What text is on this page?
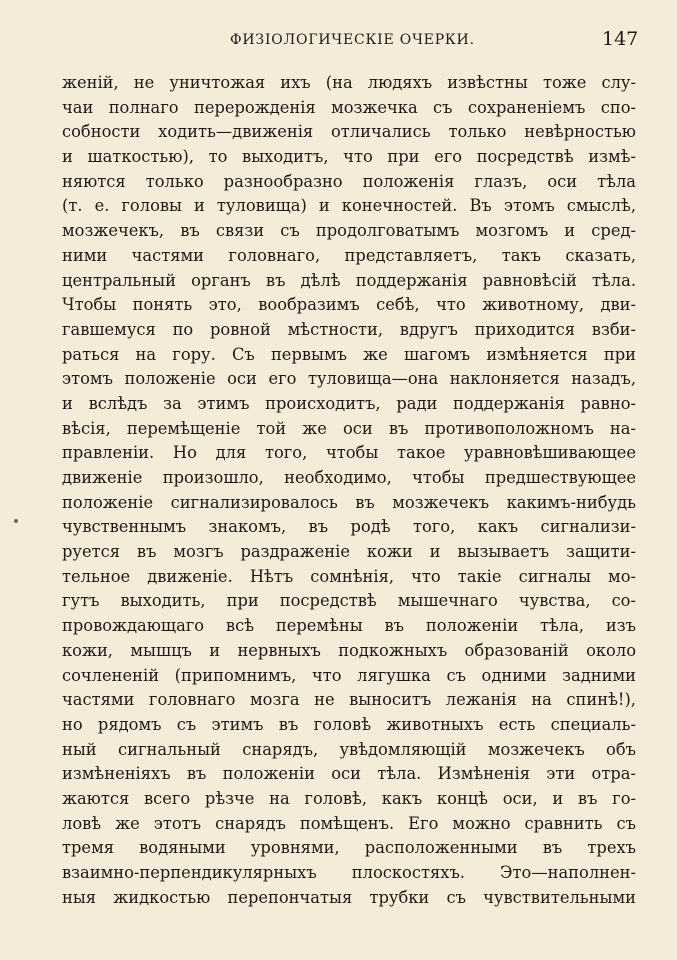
ФИЗІОЛОГИЧЕСКІЕ ОЧЕРКИ.	147
женій, не уничтожая ихъ (на людяхъ извѣстны тоже слу-
чаи полнаго перерожденія мозжечка съ сохраненіемъ спо-
собности ходить—движенія отличались только невѣрностью
и шаткостью), то выходитъ, что при его посредствѣ измѣ-
няются только разнообразно положенія глазъ, оси тѣла
(т. е. головы и туловища) и конечностей. Въ этомъ смыслѣ,
мозжечекъ, въ связи съ продолговатымъ мозгомъ и сред-
ними частями головнаго, представляетъ, такъ сказать,
центральный органъ въ дѣлѣ поддержанія равновѣсій тѣла.
Чтобы понять это, вообразимъ себѣ, что животному, дви-
гавшемуся по ровной мѣстности, вдругъ приходится взби-
раться на гору. Съ первымъ же шагомъ измѣняется при
этомъ положеніе оси его туловища—она наклоняется назадъ,
и вслѣдъ за этимъ происходитъ, ради поддержанія равно-
вѣсія, перемѣщеніе той же оси въ противоположномъ на-
правленіи. Но для того, чтобы такое уравновѣшивающее
движеніе произошло, необходимо, чтобы предшествующее
положеніе сигнализировалось въ мозжечекъ какимъ-нибудь
чувственнымъ знакомъ, въ родѣ того, какъ сигнализи-
руется въ мозгъ раздраженіе кожи и вызываетъ защити-
тельное движеніе. Нѣтъ сомнѣнія, что такіе сигналы мо-
гутъ выходить, при посредствѣ мышечнаго чувства, со-
провождающаго всѣ перемѣны въ положеніи тѣла, изъ
кожи, мышцъ и нервныхъ подкожныхъ образованій около
сочлененій (припомнимъ, что лягушка съ одними задними
частями головнаго мозга не выноситъ лежанія на спинѣ!),
но рядомъ съ этимъ въ головѣ животныхъ есть специаль-
ный сигнальный снарядъ, увѣдомляющій мозжечекъ объ
измѣненіяхъ въ положеніи оси тѣла. Измѣненія эти отра-
жаются всего рѣзче на головѣ, какъ концѣ оси, и въ го-
ловѣ же этотъ снарядъ помѣщенъ. Его можно сравнить съ
тремя водяными уровнями, расположенными въ трехъ
взаимно-перпендикулярныхъ плоскостяхъ. Это—наполнен-
ныя жидкостью перепончатыя трубки съ чувствительными
